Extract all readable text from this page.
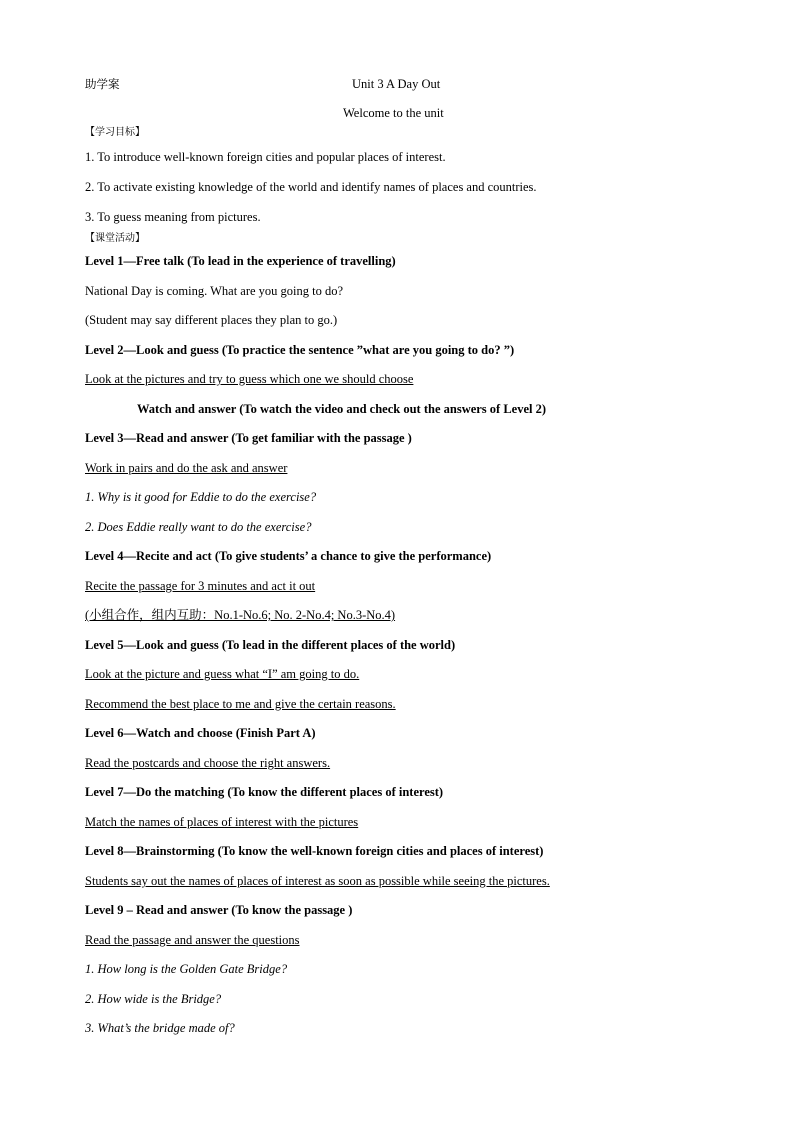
助学案	Unit 3 A Day Out
Welcome to the unit
【学习目标】
1. To introduce well-known foreign cities and popular places of interest.
2. To activate existing knowledge of the world and identify names of places and countries.
3. To guess meaning from pictures.
【课堂活动】
Level 1—Free talk (To lead in the experience of travelling)
National Day is coming. What are you going to do?
(Student may say different places they plan to go.)
Level 2—Look and guess (To practice the sentence ”what are you going to do? ”)
Look at the pictures and try to guess which one we should choose
Watch and answer (To watch the video and check out the answers of Level 2)
Level 3—Read and answer (To get familiar with the passage )
Work in pairs and do the ask and answer
1. Why is it good for Eddie to do the exercise?
2. Does Eddie really want to do the exercise?
Level 4—Recite and act (To give students’ a chance to give the performance)
Recite the passage for 3 minutes and act it out
(小组合作，组内互助：No.1-No.6; No. 2-No.4; No.3-No.4)
Level 5—Look and guess (To lead in the different places of the world)
Look at the picture and guess what “I” am going to do.
Recommend the best place to me and give the certain reasons.
Level 6—Watch and choose (Finish Part A)
Read the postcards and choose the right answers.
Level 7—Do the matching (To know the different places of interest)
Match the names of places of interest with the pictures
Level 8—Brainstorming (To know the well-known foreign cities and places of interest)
Students say out the names of places of interest as soon as possible while seeing the pictures.
Level 9 – Read and answer (To know the passage )
Read the passage and answer the questions
1. How long is the Golden Gate Bridge?
2. How wide is the Bridge?
3. What’s the bridge made of?
